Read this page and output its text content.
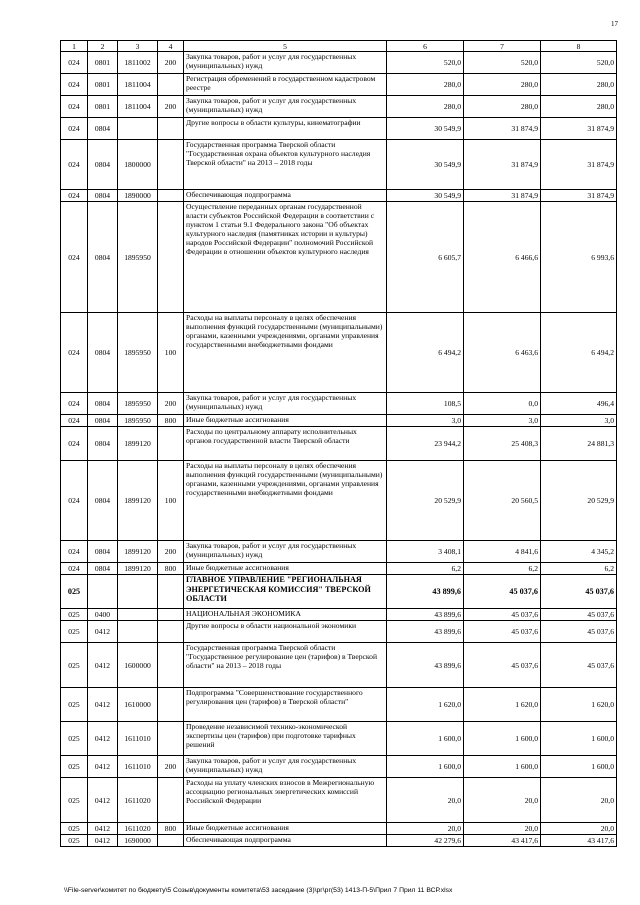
17
1	2	3	4	5	6	7	8
024	0801	1811002	200	Закупка товаров, работ и услуг для государственных (муниципальных) нужд	520,0	520,0	520,0
024	0801	1811004		Регистрация обременений в государственном кадастровом реестре	280,0	280,0	280,0
024	0801	1811004	200	Закупка товаров, работ и услуг для государственных (муниципальных) нужд	280,0	280,0	280,0
024	0804			Другие вопросы в области культуры, кинематографии	30 549,9	31 874,9	31 874,9
024	0804	1800000		Государственная программа Тверской области "Государственная охрана объектов культурного наследия Тверской области" на 2013 – 2018 годы	30 549,9	31 874,9	31 874,9
024	0804	1890000		Обеспечивающая подпрограмма	30 549,9	31 874,9	31 874,9
024	0804	1895950		Осуществление переданных органам государственной власти субъектов Российской Федерации в соответствии с пунктом 1 статьи 9.1 Федерального закона "Об объектах культурного наследия (памятниках истории и культуры) народов Российской Федерации" полномочий Российской Федерации в отношении объектов культурного наследия	6 605,7	6 466,6	6 993,6
024	0804	1895950	100	Расходы на выплаты персоналу в целях обеспечения выполнения функций государственными (муниципальными) органами, казенными учреждениями, органами управления государственными внебюджетными фондами	6 494,2	6 463,6	6 494,2
024	0804	1895950	200	Закупка товаров, работ и услуг для государственных (муниципальных) нужд	108,5	0,0	496,4
024	0804	1895950	800	Иные бюджетные ассигнования	3,0	3,0	3,0
024	0804	1899120		Расходы по центральному аппарату исполнительных органов государственной власти Тверской области	23 944,2	25 408,3	24 881,3
024	0804	1899120	100	Расходы на выплаты персоналу в целях обеспечения выполнения функций государственными (муниципальными) органами, казенными учреждениями, органами управления государственными внебюджетными фондами	20 529,9	20 560,5	20 529,9
024	0804	1899120	200	Закупка товаров, работ и услуг для государственных (муниципальных) нужд	3 408,1	4 841,6	4 345,2
024	0804	1899120	800	Иные бюджетные ассигнования	6,2	6,2	6,2
025				ГЛАВНОЕ УПРАВЛЕНИЕ "РЕГИОНАЛЬНАЯ ЭНЕРГЕТИЧЕСКАЯ КОМИССИЯ" ТВЕРСКОЙ ОБЛАСТИ	43 899,6	45 037,6	45 037,6
025	0400			НАЦИОНАЛЬНАЯ ЭКОНОМИКА	43 899,6	45 037,6	45 037,6
025	0412			Другие вопросы в области национальной экономики	43 899,6	45 037,6	45 037,6
025	0412	1600000		Государственная программа Тверской области "Государственное регулирование цен (тарифов) в Тверской области" на 2013 – 2018 годы	43 899,6	45 037,6	45 037,6
025	0412	1610000		Подпрограмма "Совершенствование государственного регулирования цен (тарифов) в Тверской области"	1 620,0	1 620,0	1 620,0
025	0412	1611010		Проведение независимой технико-экономической экспертизы цен (тарифов) при подготовке тарифных решений	1 600,0	1 600,0	1 600,0
025	0412	1611010	200	Закупка товаров, работ и услуг для государственных (муниципальных) нужд	1 600,0	1 600,0	1 600,0
025	0412	1611020		Расходы на уплату членских взносов в Межрегиональную ассоциацию региональных энергетических комиссий Российской Федерации	20,0	20,0	20,0
025	0412	1611020	800	Иные бюджетные ассигнования	20,0	20,0	20,0
025	0412	1690000		Обеспечивающая подпрограмма	42 279,6	43 417,6	43 417,6
\\File-server\комитет по бюджету\5 Созыв\документы комитета\53 заседание (3)\рг\рг(53) 1413-П-5\Прил 7 Прил 11 ВСР.xlsx
